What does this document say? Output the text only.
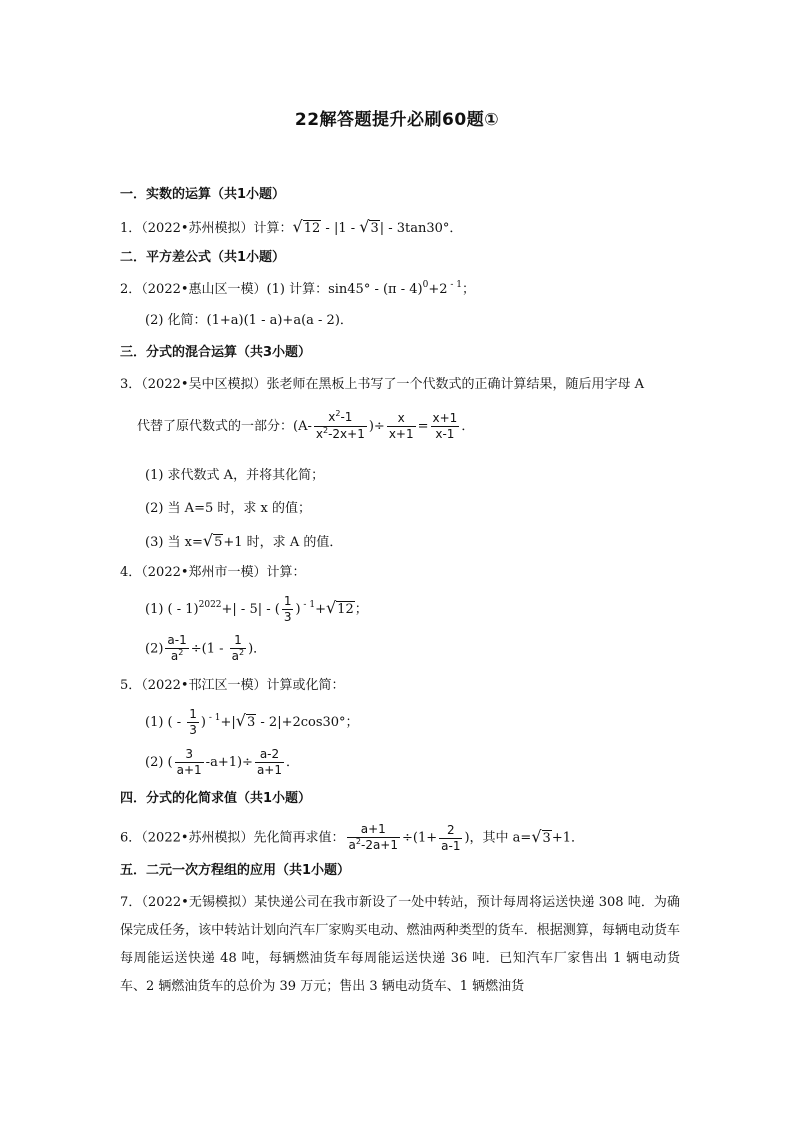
22解答题提升必刷60题①
一．实数的运算（共1小题）
1．（2022•苏州模拟）计算：√12 - |1 - √3| - 3tan30°．
二．平方差公式（共1小题）
2．（2022•惠山区一模）(1) 计算：sin45° - (π - 4)$^0$+2 $^{- 1}$；
(2) 化简：(1+a)(1 - a)+a(a - 2)．
三．分式的混合运算（共3小题）
3．（2022•吴中区模拟）张老师在黑板上书写了一个代数式的正确计算结果，随后用字母 A
代替了原代数式的一部分：($A- \frac{x^2-1}{x^2-2x+1}$ )÷ $\frac{x}{x+1} = \frac{x+1}{x-1}$ ．
(1) 求代数式 A，并将其化简；
(2) 当 A=5 时，求 x 的值；
(3) 当 x=√5+1 时，求 A 的值．
4．（2022•郑州市一模）计算：
(1) ( - 1)$^{2022}$+| - 5| - ( $\frac{1}{3}$ ) $^{- 1}$+√12；
$(2) \frac{a-1}{a^2} \div(1 - \frac{1}{a^2}$ )．
5．（2022•邗江区一模）计算或化简：
(1) ( - $\frac{1}{3}$ ) $^{- 1}$+|√3 - 2|+2cos30°；
(2) ( $\frac{3}{a+1} -a+1)\div \frac{a-2}{a+1}$ ．
四．分式的化简求值（共1小题）
6．（2022•苏州模拟）先化简再求值： $\frac{a+1}{a^2-2a+1} \div(1+ \frac{2}{a-1}$ )，其中 a=√3+1．
五．二元一次方程组的应用（共1小题）
7．（2022•无锡模拟）某快递公司在我市新设了一处中转站，预计每周将运送快递 308 吨．为确保完成任务，该中转站计划向汽车厂家购买电动、燃油两种类型的货车．根据测算，每辆电动货车每周能运送快递 48 吨，每辆燃油货车每周能运送快递 36 吨．已知汽车厂家售出 1 辆电动货车、2 辆燃油货车的总价为 39 万元；售出 3 辆电动货车、1 辆燃油货
